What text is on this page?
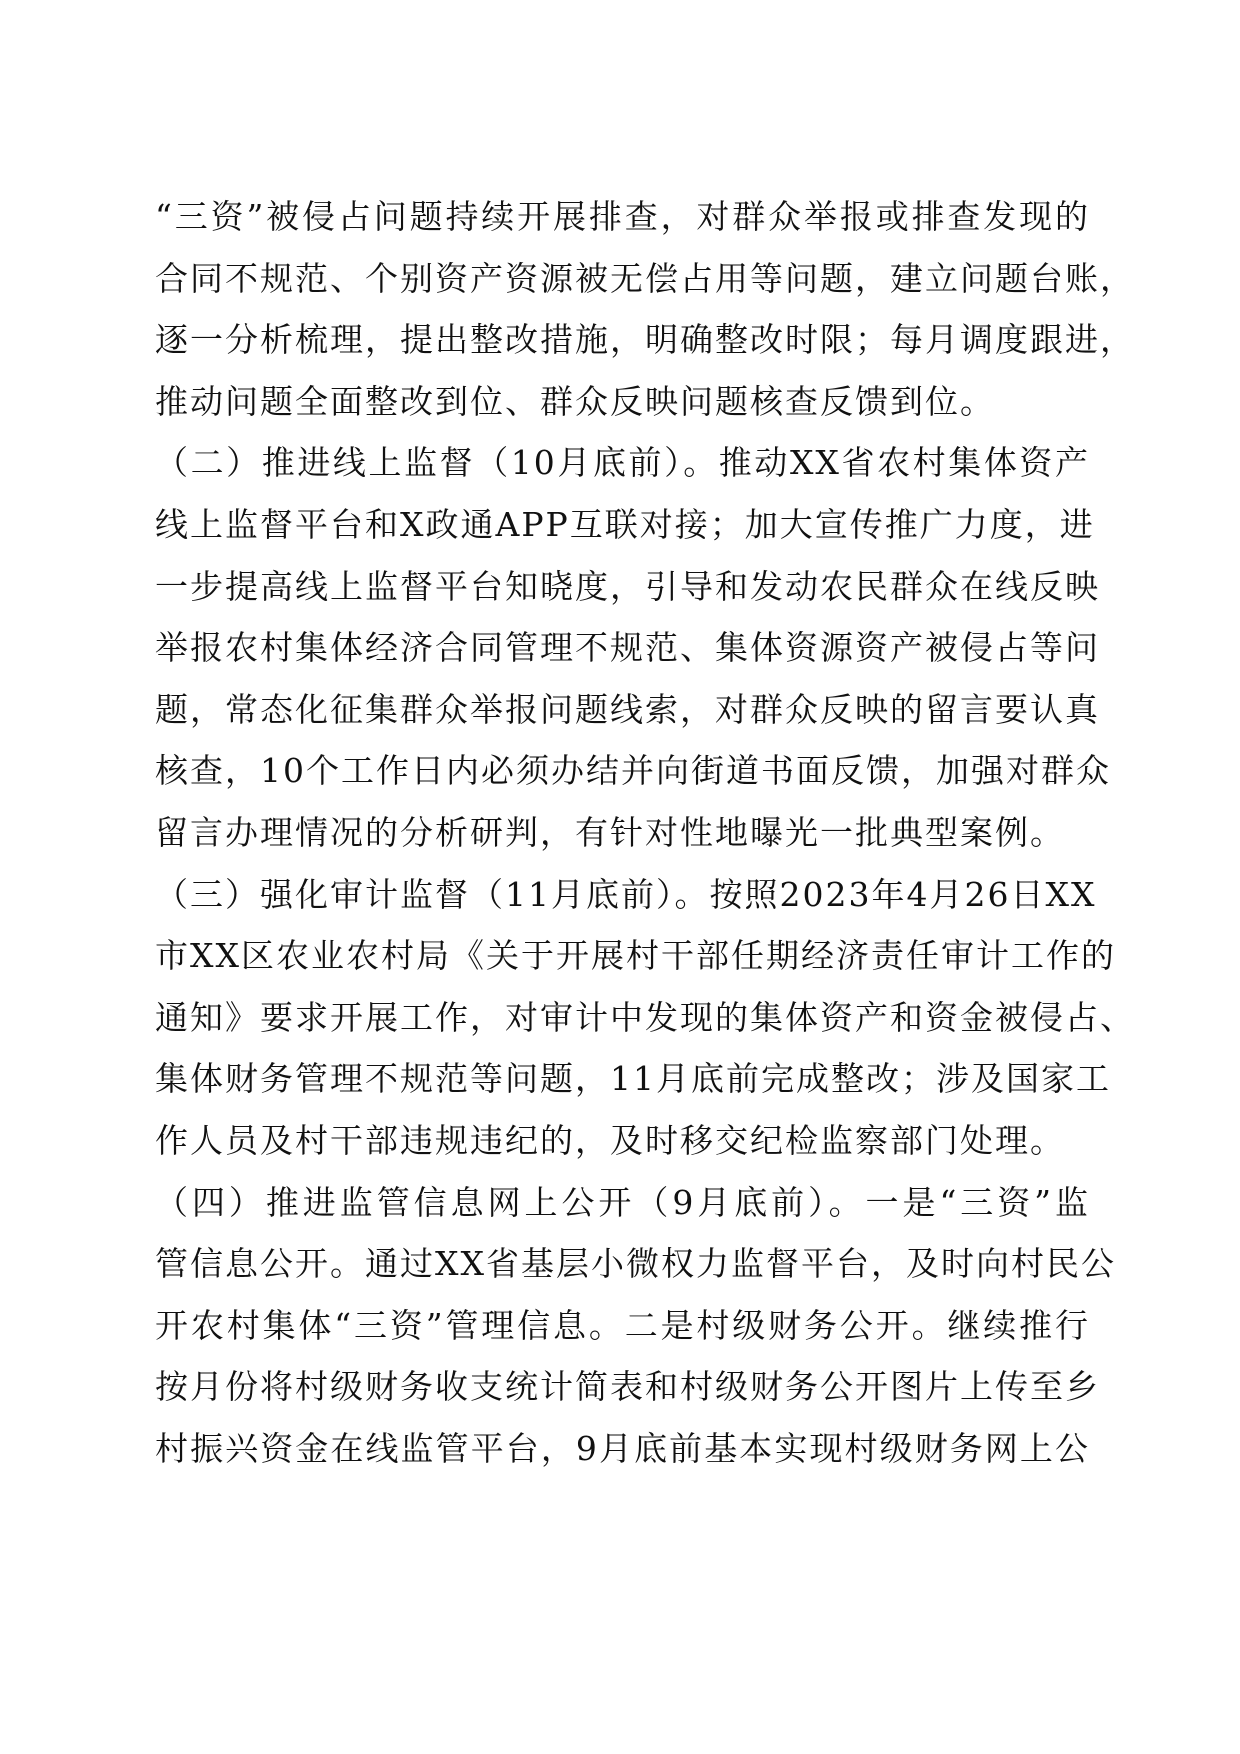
“三资”被侵占问题持续开展排查，对群众举报或排查发现的
合同不规范、个别资产资源被无偿占用等问题，建立问题台账，
逐一分析梳理，提出整改措施，明确整改时限；每月调度跟进，
推动问题全面整改到位、群众反映问题核查反馈到位。
（二）推进线上监督（10月底前）。推动XX省农村集体资产
线上监督平台和X政通APP互联对接；加大宣传推广力度，进
一步提高线上监督平台知晓度，引导和发动农民群众在线反映
举报农村集体经济合同管理不规范、集体资源资产被侵占等问
题，常态化征集群众举报问题线索，对群众反映的留言要认真
核查，10个工作日内必须办结并向街道书面反馈，加强对群众
留言办理情况的分析研判，有针对性地曝光一批典型案例。
（三）强化审计监督（11月底前）。按照2023年4月26日XX
市XX区农业农村局《关于开展村干部任期经济责任审计工作的
通知》要求开展工作，对审计中发现的集体资产和资金被侵占、
集体财务管理不规范等问题，11月底前完成整改；涉及国家工
作人员及村干部违规违纪的，及时移交纪检监察部门处理。
（四）推进监管信息网上公开（9月底前）。一是“三资”监
管信息公开。通过XX省基层小微权力监督平台，及时向村民公
开农村集体“三资”管理信息。二是村级财务公开。继续推行
按月份将村级财务收支统计简表和村级财务公开图片上传至乡
村振兴资金在线监管平台，9月底前基本实现村级财务网上公
